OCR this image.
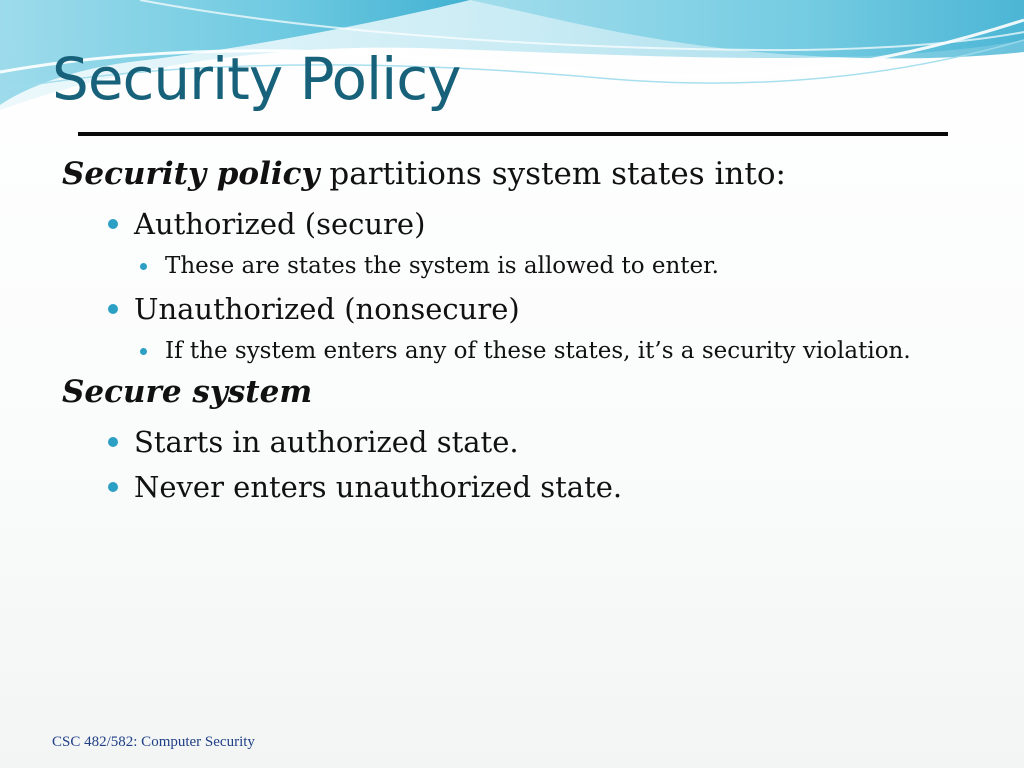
Security Policy

Security policy partitions system states into:

Authorized (secure)
These are states the system is allowed to enter.
Unauthorized (nonsecure)
If the system enters any of these states, it’s a security violation.

Secure system

Starts in authorized state.
Never enters unauthorized state.
CSC 482/582: Computer Security
